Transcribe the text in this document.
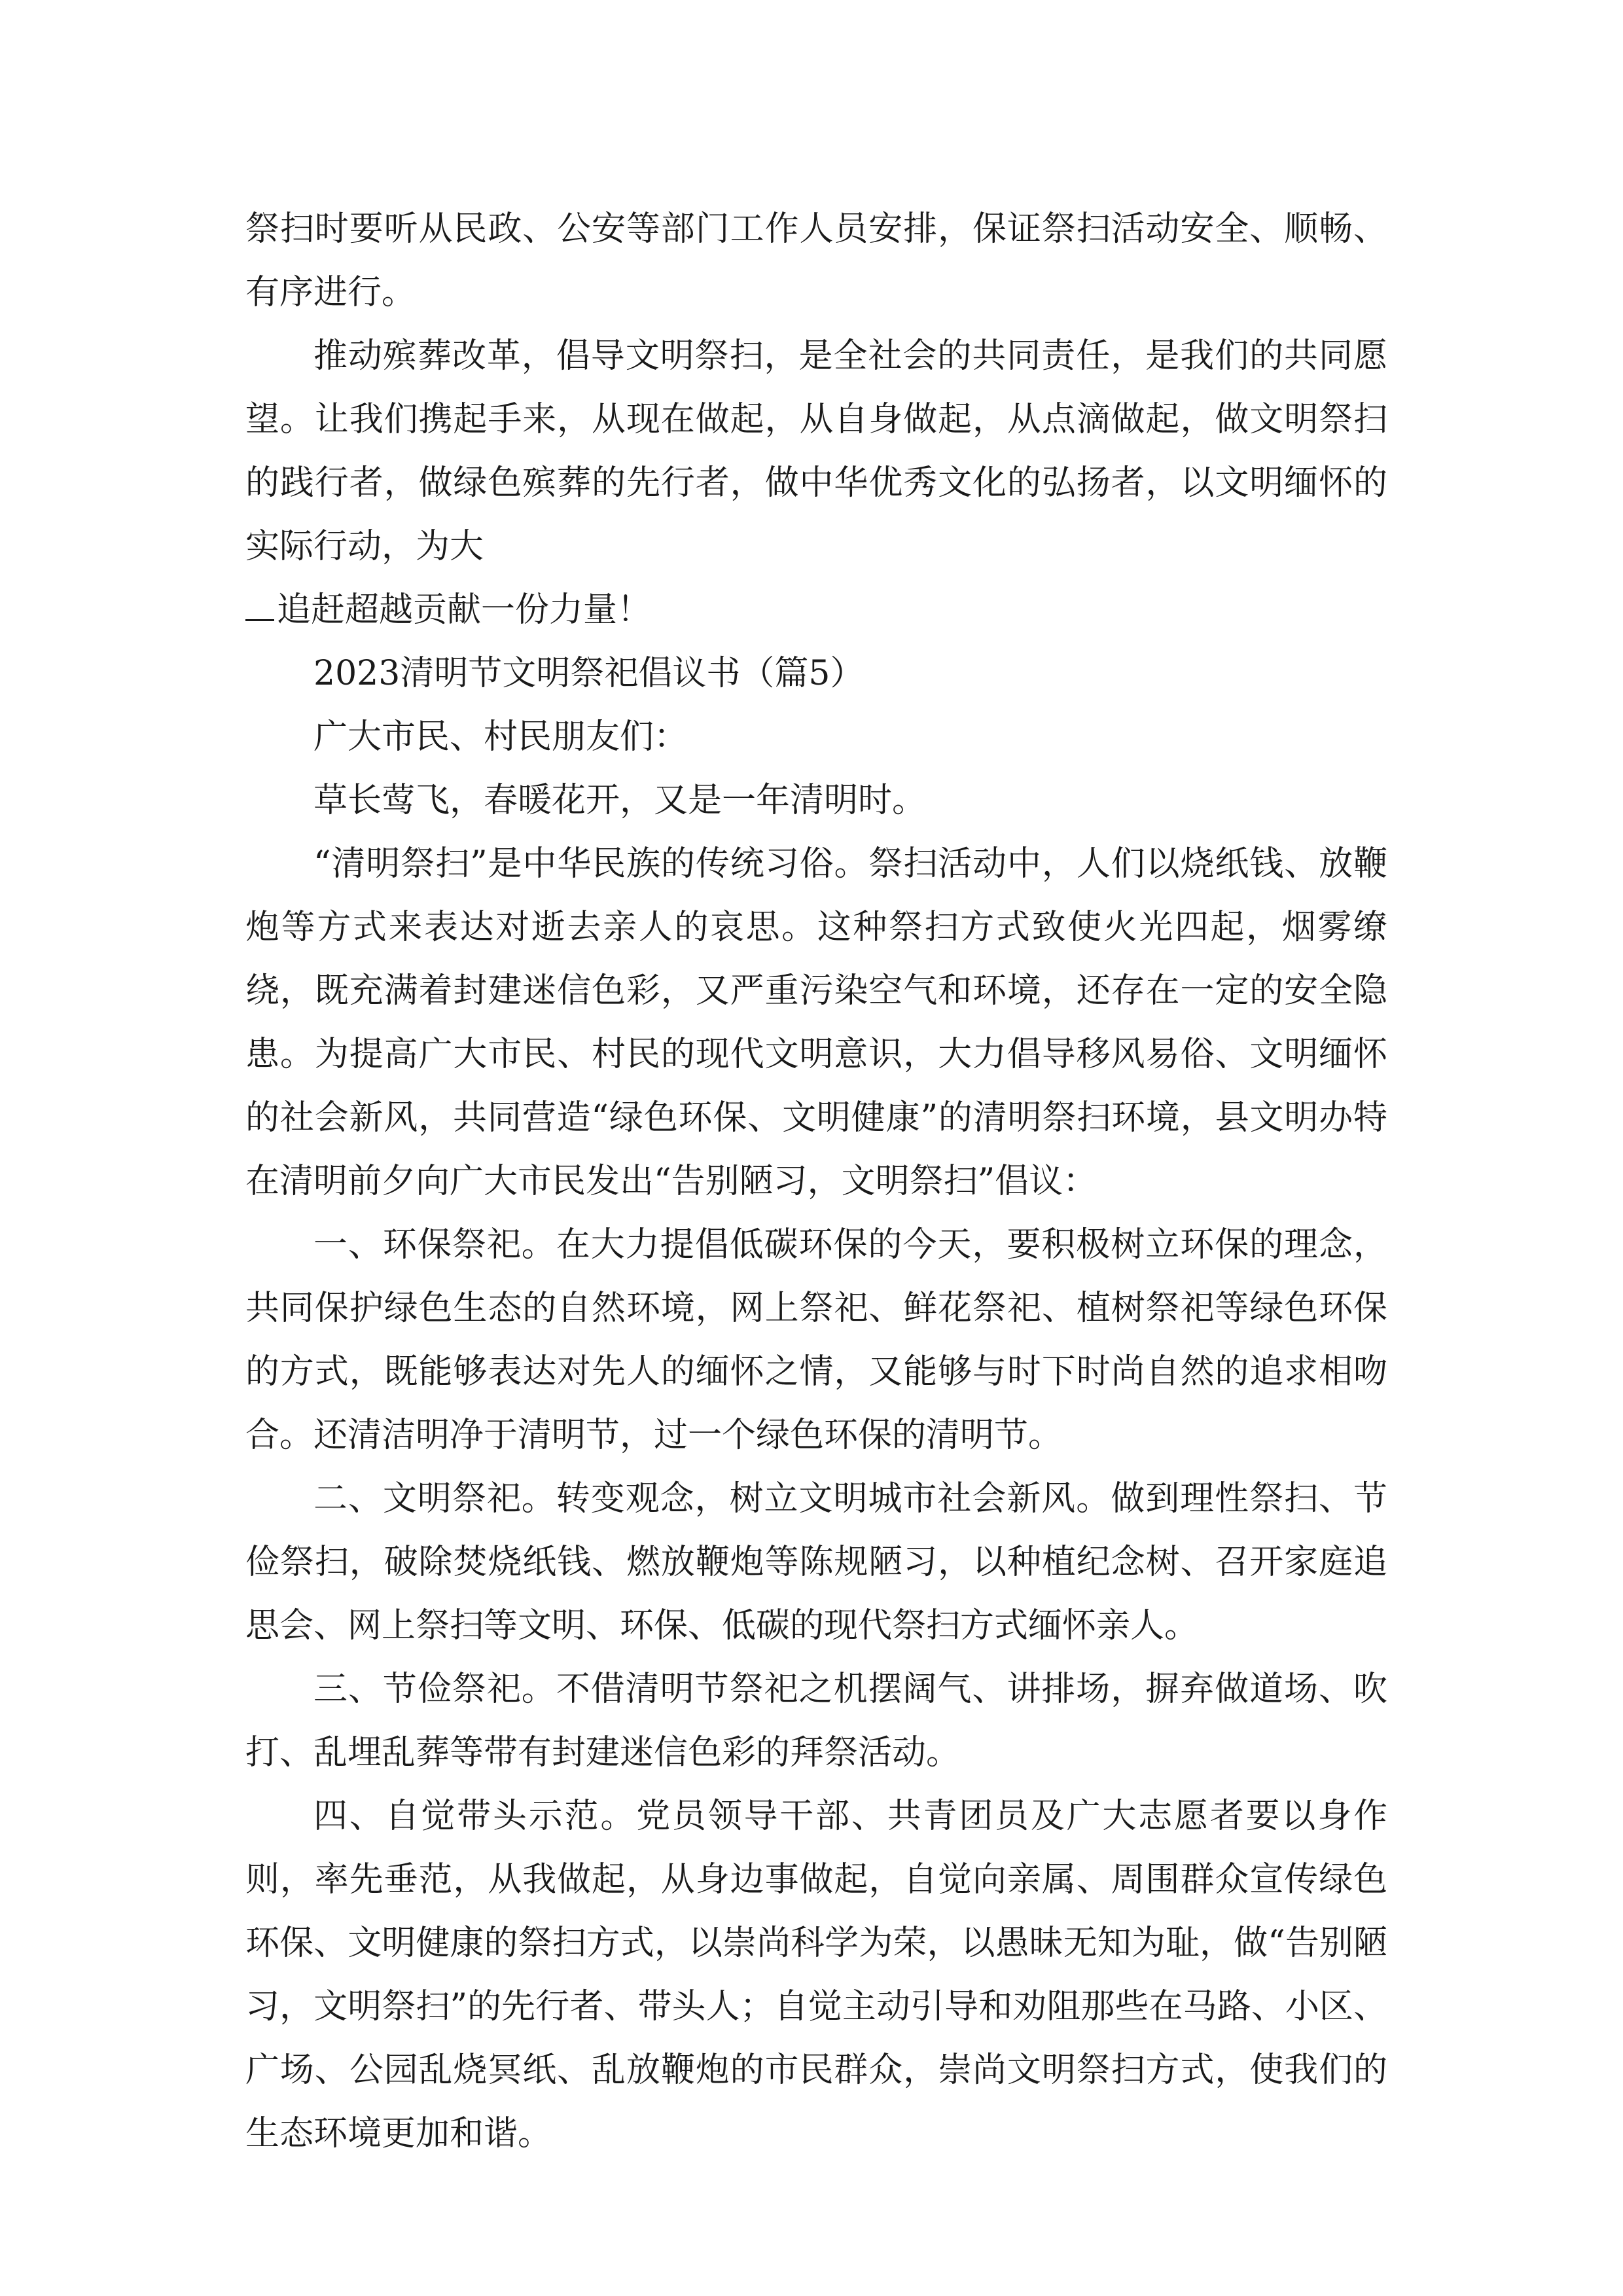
祭扫时要听从民政、公安等部门工作人员安排，保证祭扫活动安全、顺畅、有序进行。

推动殡葬改革，倡导文明祭扫，是全社会的共同责任，是我们的共同愿望。让我们携起手来，从现在做起，从自身做起，从点滴做起，做文明祭扫的践行者，做绿色殡葬的先行者，做中华优秀文化的弘扬者，以文明缅怀的实际行动，为大

追赶超越贡献一份力量！

2023清明节文明祭祀倡议书（篇5）

广大市民、村民朋友们：

草长莺飞，春暖花开，又是一年清明时。

“清明祭扫”是中华民族的传统习俗。祭扫活动中，人们以烧纸钱、放鞭炮等方式来表达对逝去亲人的哀思。这种祭扫方式致使火光四起，烟雾缭绕，既充满着封建迷信色彩，又严重污染空气和环境，还存在一定的安全隐患。为提高广大市民、村民的现代文明意识，大力倡导移风易俗、文明缅怀的社会新风，共同营造“绿色环保、文明健康”的清明祭扫环境，县文明办特在清明前夕向广大市民发出“告别陋习，文明祭扫”倡议：

一、环保祭祀。在大力提倡低碳环保的今天，要积极树立环保的理念，共同保护绿色生态的自然环境，网上祭祀、鲜花祭祀、植树祭祀等绿色环保的方式，既能够表达对先人的缅怀之情，又能够与时下时尚自然的追求相吻合。还清洁明净于清明节，过一个绿色环保的清明节。

二、文明祭祀。转变观念，树立文明城市社会新风。做到理性祭扫、节俭祭扫，破除焚烧纸钱、燃放鞭炮等陈规陋习，以种植纪念树、召开家庭追思会、网上祭扫等文明、环保、低碳的现代祭扫方式缅怀亲人。

三、节俭祭祀。不借清明节祭祀之机摆阔气、讲排场，摒弃做道场、吹打、乱埋乱葬等带有封建迷信色彩的拜祭活动。

四、自觉带头示范。党员领导干部、共青团员及广大志愿者要以身作则，率先垂范，从我做起，从身边事做起，自觉向亲属、周围群众宣传绿色环保、文明健康的祭扫方式，以崇尚科学为荣，以愚昧无知为耻，做“告别陋习，文明祭扫”的先行者、带头人；自觉主动引导和劝阻那些在马路、小区、广场、公园乱烧冥纸、乱放鞭炮的市民群众，崇尚文明祭扫方式，使我们的生态环境更加和谐。
